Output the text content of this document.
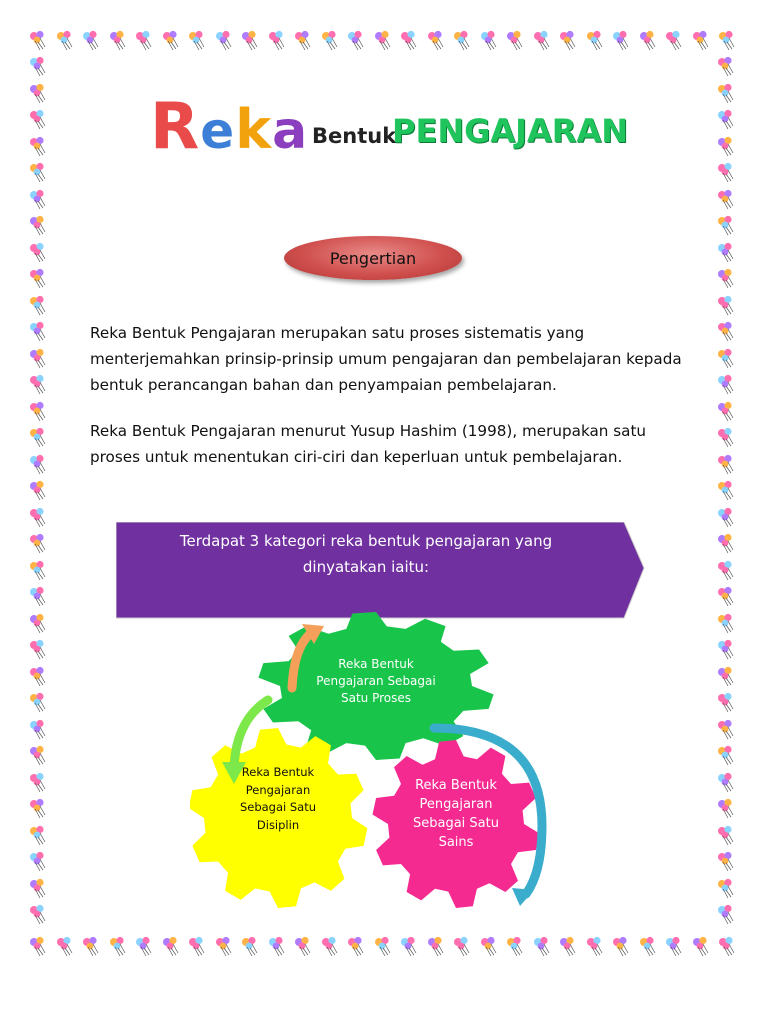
Reka Bentuk
PENGAJARAN
Pengertian
Reka Bentuk Pengajaran merupakan satu proses sistematis yang menterjemahkan prinsip-prinsip umum pengajaran dan pembelajaran kepada bentuk perancangan bahan dan penyampaian pembelajaran.
Reka Bentuk Pengajaran menurut Yusup Hashim (1998), merupakan satu proses untuk menentukan ciri-ciri dan keperluan untuk pembelajaran.
Terdapat 3 kategori reka bentuk pengajaran yang
dinyatakan iaitu:
Reka Bentuk
Pengajaran Sebagai
Satu Proses
Reka Bentuk
Pengajaran
Sebagai Satu
Disiplin
Reka Bentuk
Pengajaran
Sebagai Satu
Sains
